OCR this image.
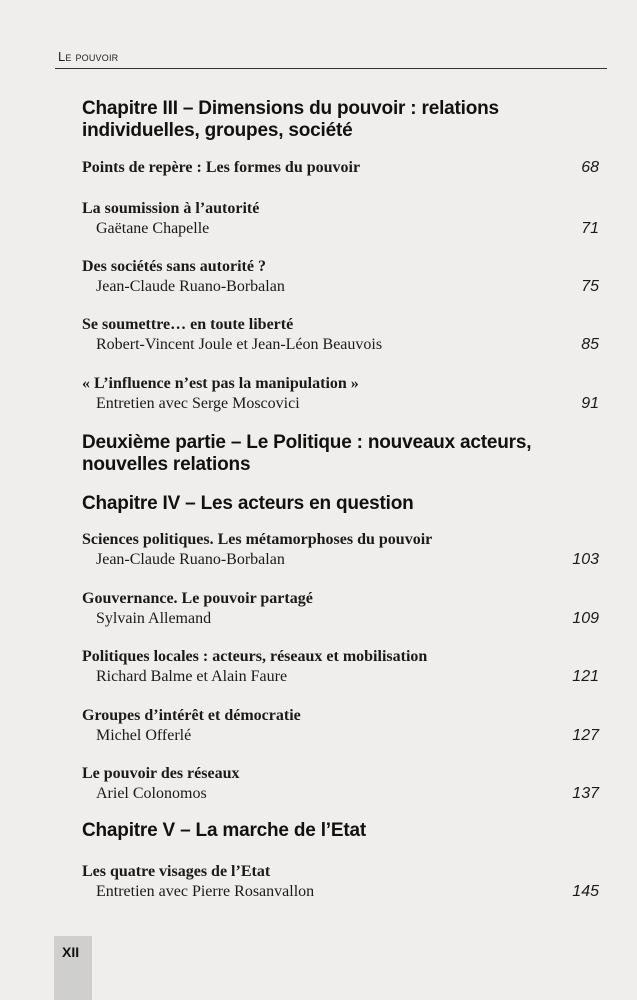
Le pouvoir
Chapitre III – Dimensions du pouvoir : relations individuelles, groupes, société
Points de repère : Les formes du pouvoir	68
La soumission à l’autorité
Gaëtane Chapelle	71
Des sociétés sans autorité ?
Jean-Claude Ruano-Borbalan	75
Se soumettre… en toute liberté
Robert-Vincent Joule et Jean-Léon Beauvois	85
« L’influence n’est pas la manipulation »
Entretien avec Serge Moscovici	91
Deuxième partie – Le Politique : nouveaux acteurs, nouvelles relations
Chapitre IV – Les acteurs en question
Sciences politiques. Les métamorphoses du pouvoir
Jean-Claude Ruano-Borbalan	103
Gouvernance. Le pouvoir partagé
Sylvain Allemand	109
Politiques locales : acteurs, réseaux et mobilisation
Richard Balme et Alain Faure	121
Groupes d’intérêt et démocratie
Michel Offerlé	127
Le pouvoir des réseaux
Ariel Colonomos	137
Chapitre V – La marche de l’Etat
Les quatre visages de l’Etat
Entretien avec Pierre Rosanvallon	145
XII
